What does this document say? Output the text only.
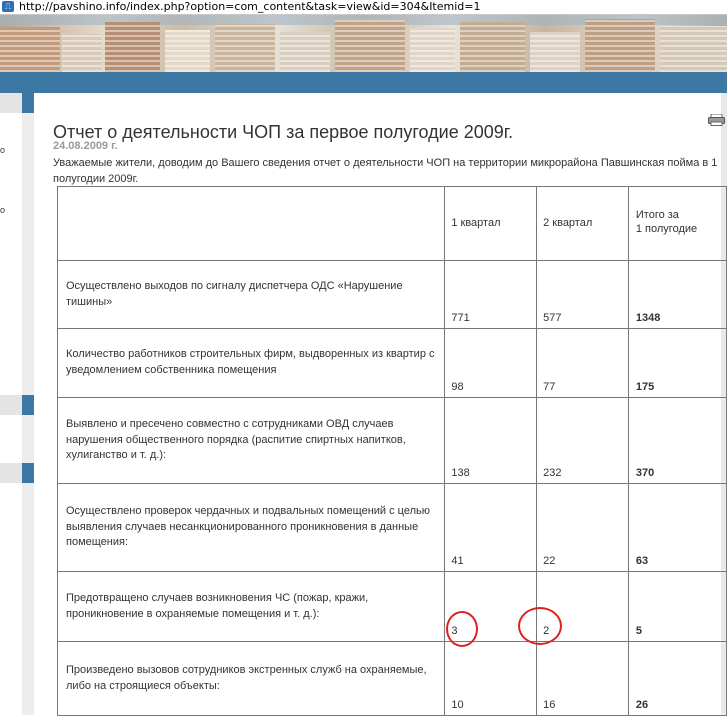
⎍ http://pavshino.info/index.php?option=com_content&task=view&id=304&Itemid=1
о
о
Отчет о деятельности ЧОП за первое полугодие 2009г.
24.08.2009 г.
Уважаемые жители, доводим до Вашего сведения отчет о деятельности ЧОП на территории микрорайона Павшинская пойма в 1 полугодии 2009г.

	1 квартал	2 квартал	Итого за
1 полугодие

Осуществлено выходов по сигналу диспетчера ОДС «Нарушение тишины»	771	577	1348
Количество работников строительных фирм, выдворенных из квартир с уведомлением собственника помещения	98	77	175
Выявлено и пресечено совместно с сотрудниками ОВД случаев нарушения общественного порядка (распитие спиртных напитков, хулиганство и т. д.):	138	232	370
Осуществлено проверок чердачных и подвальных помещений с целью выявления случаев несанкционированного проникновения в данные помещения:	41	22	63
Предотвращено случаев возникновения ЧС (пожар, кражи, проникновение в охраняемые помещения и т. д.):	3	2	5
Произведено вызовов сотрудников экстренных служб на охраняемые, либо на строящиеся объекты:	10	16	26
